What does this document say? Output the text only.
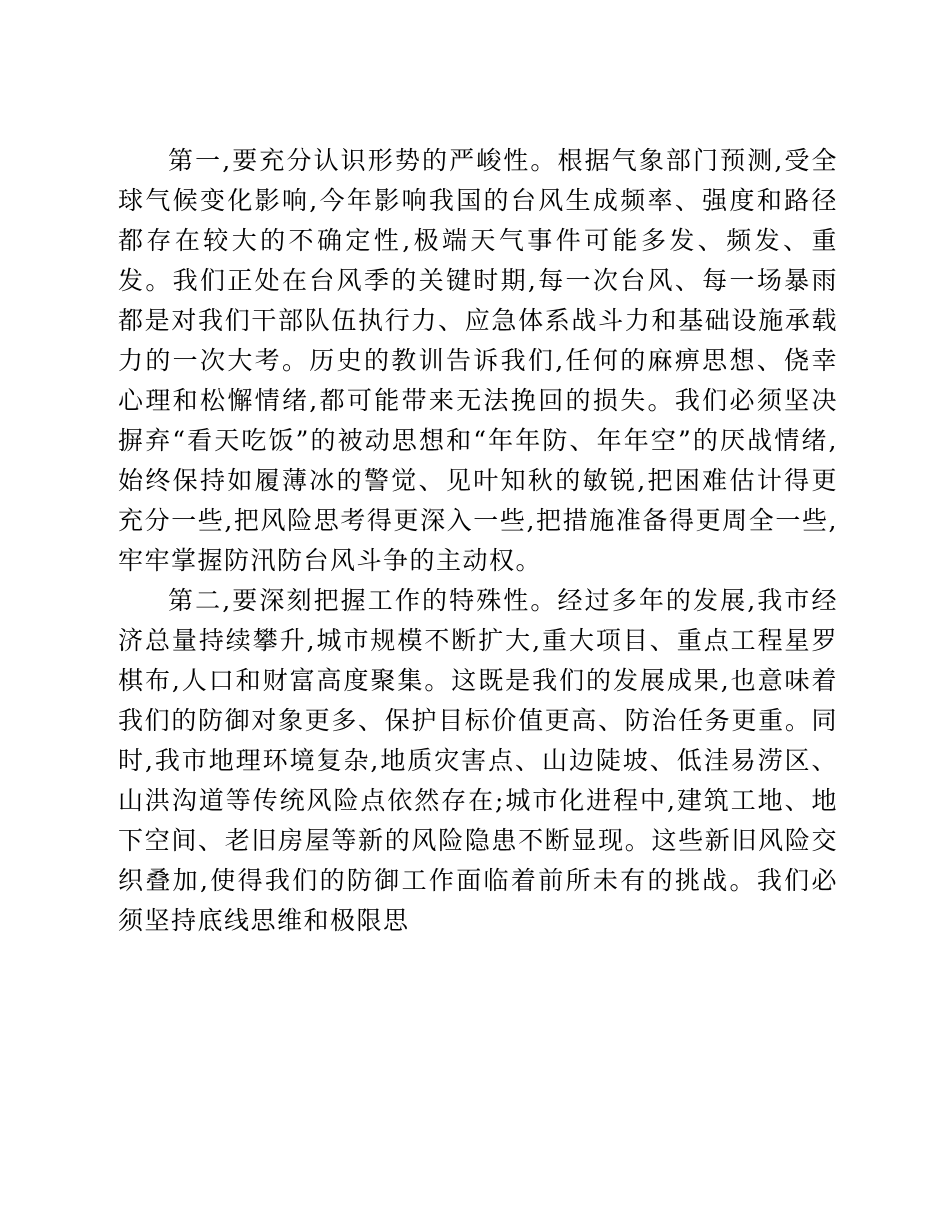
第一,要充分认识形势的严峻性。根据气象部门预测,受全球气候变化影响,今年影响我国的台风生成频率、强度和路径都存在较大的不确定性,极端天气事件可能多发、频发、重发。我们正处在台风季的关键时期,每一次台风、每一场暴雨都是对我们干部队伍执行力、应急体系战斗力和基础设施承载力的一次大考。历史的教训告诉我们,任何的麻痹思想、侥幸心理和松懈情绪,都可能带来无法挽回的损失。我们必须坚决摒弃“看天吃饭”的被动思想和“年年防、年年空”的厌战情绪,始终保持如履薄冰的警觉、见叶知秋的敏锐,把困难估计得更充分一些,把风险思考得更深入一些,把措施准备得更周全一些,牢牢掌握防汛防台风斗争的主动权。

第二,要深刻把握工作的特殊性。经过多年的发展,我市经济总量持续攀升,城市规模不断扩大,重大项目、重点工程星罗棋布,人口和财富高度聚集。这既是我们的发展成果,也意味着我们的防御对象更多、保护目标价值更高、防治任务更重。同时,我市地理环境复杂,地质灾害点、山边陡坡、低洼易涝区、山洪沟道等传统风险点依然存在;城市化进程中,建筑工地、地下空间、老旧房屋等新的风险隐患不断显现。这些新旧风险交织叠加,使得我们的防御工作面临着前所未有的挑战。我们必须坚持底线思维和极限思
